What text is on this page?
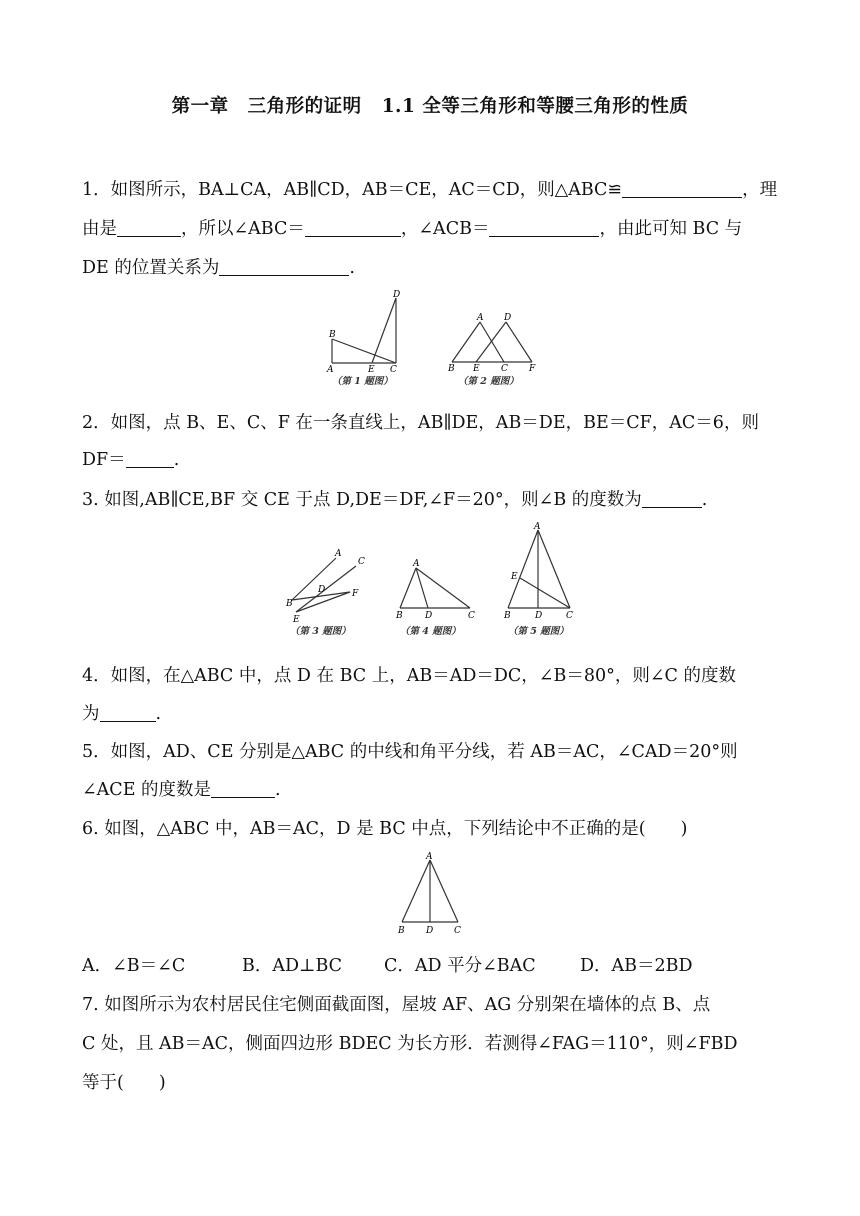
第一章　三角形的证明 1.1 全等三角形和等腰三角形的性质
1．如图所示，BA⊥CA，AB∥CD，AB＝CE，AC＝CD，则△ABC≌	，理
由是	，所以∠ABC＝	，∠ACB＝	，由此可知 BC 与
DE 的位置关系为	.
A
B
C
D
E
（第 1 题图）
A
B	C
D
E	F
（第 2 题图）
2．如图，点 B、E、C、F 在一条直线上，AB∥DE，AB＝DE，BE＝CF，AC＝6，则
DF＝	.
3. 如图,AB∥CE,BF 交 CE 于点 D,DE＝DF,∠F＝20°，则∠B 的度数为	.
A
B
C
D
E
F
（第 3 题图）
A
B	C
D
（第 4 题图）
A
B	C
D
E
（第 5 题图）
4．如图，在△ABC 中，点 D 在 BC 上，AB＝AD＝DC，∠B＝80°，则∠C 的度数
为	.
5．如图，AD、CE 分别是△ABC 的中线和角平分线，若 AB＝AC，∠CAD＝20°则
∠ACE 的度数是	.
6. 如图，△ABC 中，AB＝AC，D 是 BC 中点，下列结论中不正确的是(　　)
A
B	C
D
A．∠B＝∠C	B．AD⊥BC C．AD 平分∠BAC	D．AB＝2BD
7. 如图所示为农村居民住宅侧面截面图，屋坡 AF、AG 分别架在墙体的点 B、点
C 处，且 AB＝AC，侧面四边形 BDEC 为长方形．若测得∠FAG＝110°，则∠FBD
等于(　　)
